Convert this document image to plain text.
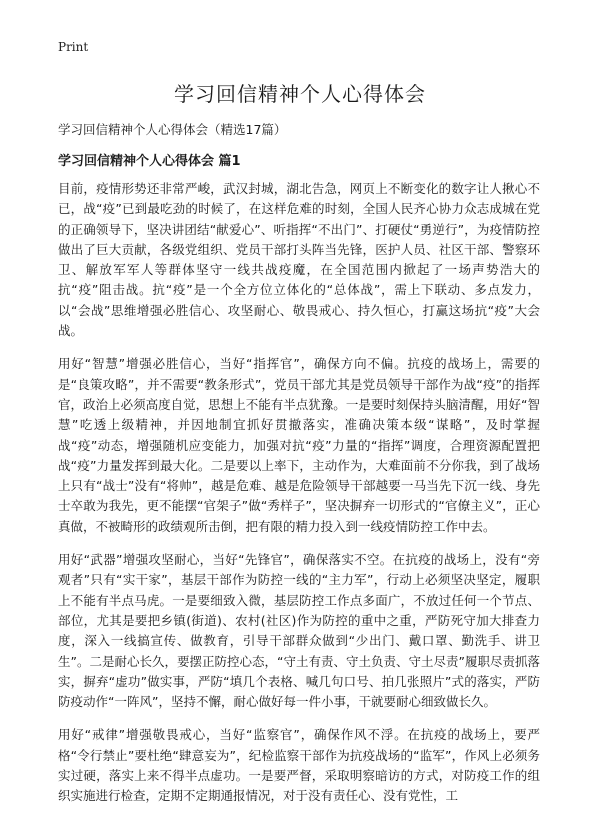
Print
学习回信精神个人心得体会

学习回信精神个人心得体会（精选17篇）

学习回信精神个人心得体会 篇1

目前，疫情形势还非常严峻，武汉封城，湖北告急，网页上不断变化的数字让人揪心不已，战“疫”已到最吃劲的时候了，在这样危难的时刻，全国人民齐心协力众志成城在党的正确领导下，坚决讲团结“献爱心”、听指挥“不出门”、打硬仗“勇逆行”，为疫情防控做出了巨大贡献，各级党组织、党员干部打头阵当先锋，医护人员、社区干部、警察环卫、解放军军人等群体坚守一线共战疫魔，在全国范围内掀起了一场声势浩大的抗“疫”阻击战。抗“疫”是一个全方位立体化的“总体战”，需上下联动、多点发力，以“会战”思维增强必胜信心、攻坚耐心、敬畏戒心、持久恒心，打赢这场抗“疫”大会战。

用好“智慧”增强必胜信心，当好“指挥官”，确保方向不偏。抗疫的战场上，需要的是“良策攻略”，并不需要“教条形式”，党员干部尤其是党员领导干部作为战“疫”的指挥官，政治上必须高度自觉，思想上不能有半点犹豫。一是要时刻保持头脑清醒，用好“智慧”吃透上级精神，并因地制宜抓好贯撤落实，准确决策本级“谋略”，及时掌握战“疫”动态，增强随机应变能力，加强对抗“疫”力量的“指挥”调度，合理资源配置把战“疫”力量发挥到最大化。二是要以上率下，主动作为，大难面前不分你我，到了战场上只有“战士”没有“将帅”，越是危难、越是危险领导干部越要一马当先下沉一线、身先士卒敢为我先，更不能摆“官架子”做“秀样子”，坚决摒弃一切形式的“官僚主义”，正心真做，不被畸形的政绩观所击倒，把有限的精力投入到一线疫情防控工作中去。

用好“武器”增强攻坚耐心，当好“先锋官”，确保落实不空。在抗疫的战场上，没有“旁观者”只有“实干家”，基层干部作为防控一线的“主力军”，行动上必须坚决坚定，履职上不能有半点马虎。一是要细致入微，基层防控工作点多面广，不放过任何一个节点、部位，尤其是要把乡镇(街道)、农村(社区)作为防控的重中之重，严防死守加大排查力度，深入一线搞宣传、做教育，引导干部群众做到“少出门、戴口罩、勤洗手、讲卫生”。二是耐心长久，要摆正防控心态，“守土有责、守土负责、守土尽责”履职尽责抓落实，摒弃“虚功”做实事，严防“填几个表格、喊几句口号、拍几张照片”式的落实，严防防疫动作“一阵风”，坚持不懈，耐心做好每一件小事，干就要耐心细致做长久。

用好“戒律”增强敬畏戒心，当好“监察官”，确保作风不浮。在抗疫的战场上，要严格“令行禁止”要杜绝“肆意妄为”，纪检监察干部作为抗疫战场的“监军”，作风上必须务实过硬，落实上来不得半点虚功。一是要严督，采取明察暗访的方式，对防疫工作的组织实施进行检查，定期不定期通报情况，对于没有责任心、没有党性，工
